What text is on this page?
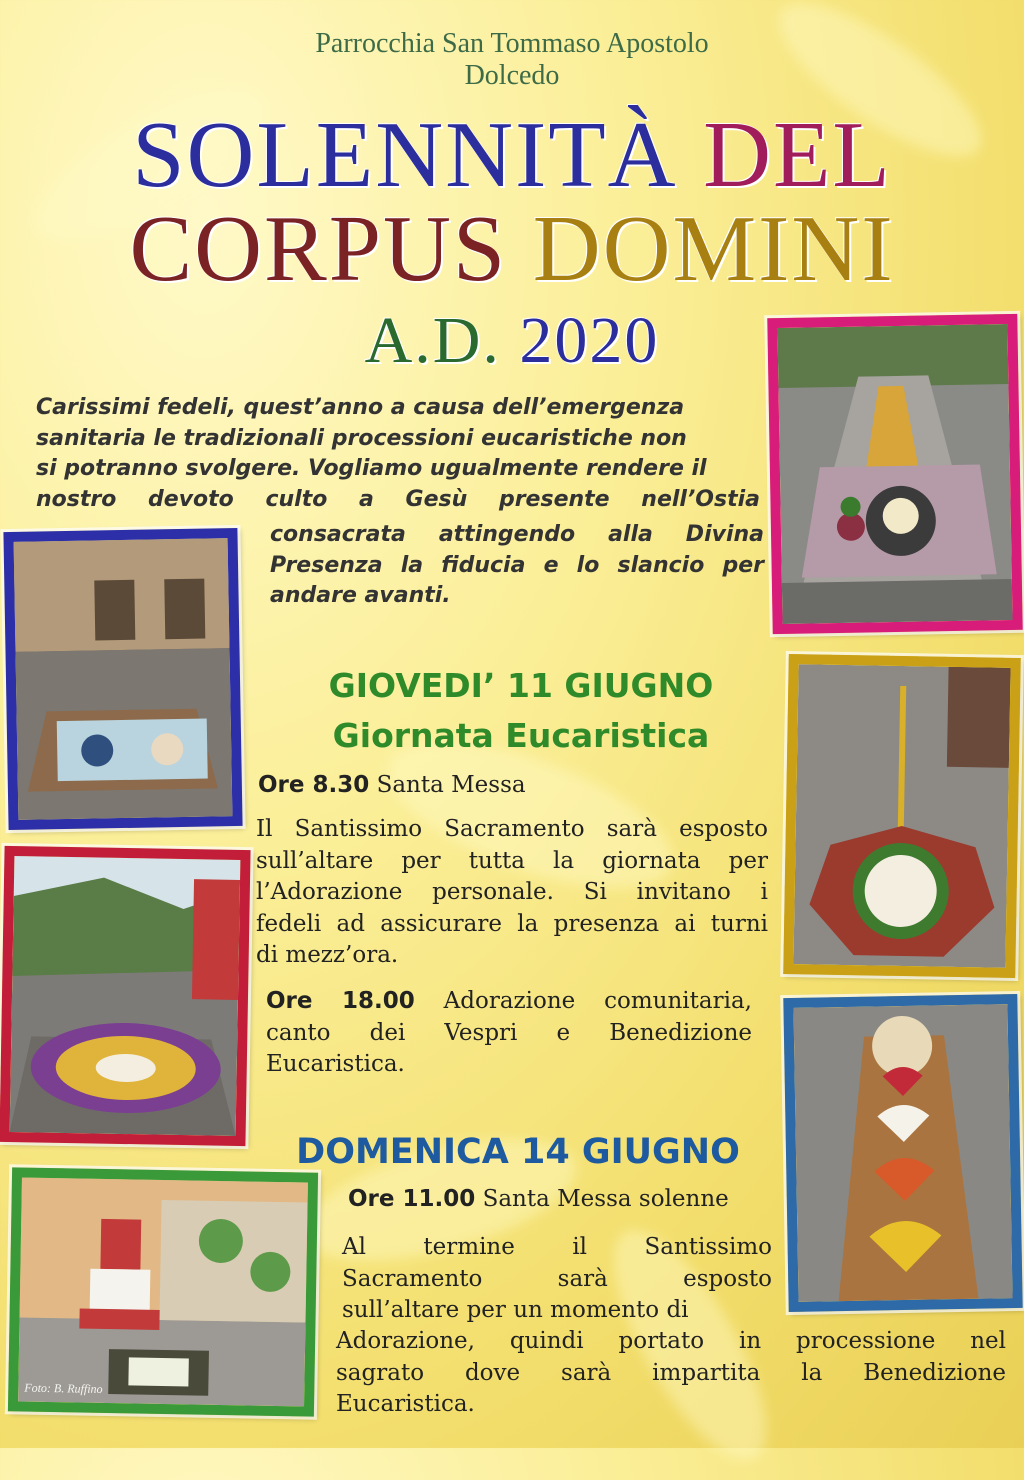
Parrocchia San Tommaso Apostolo
Dolcedo
SOLENNITÀ DEL
CORPUS DOMINI
A.D. 2020
Carissimi fedeli, quest’anno a causa dell’emergenza
sanitaria le tradizionali processioni eucaristiche non
si potranno svolgere. Vogliamo ugualmente rendere il
nostro devoto culto a Gesù presente nell’Ostia
consacrata attingendo alla Divina
Presenza la fiducia e lo slancio per
andare avanti.
GIOVEDI’ 11 GIUGNO
Giornata Eucaristica
Ore 8.30 Santa Messa
Il Santissimo Sacramento sarà esposto
sull’altare per tutta la giornata per
l’Adorazione personale. Si invitano i
fedeli ad assicurare la presenza ai turni
di mezz’ora.
Ore 18.00 Adorazione comunitaria,
canto dei Vespri e Benedizione
Eucaristica.
DOMENICA 14 GIUGNO
Ore 11.00 Santa Messa solenne
Al termine il Santissimo
Sacramento sarà esposto
sull’altare per un momento di
Adorazione, quindi portato in processione nel
sagrato dove sarà impartita la Benedizione
Eucaristica.
Foto: B. Ruffino
